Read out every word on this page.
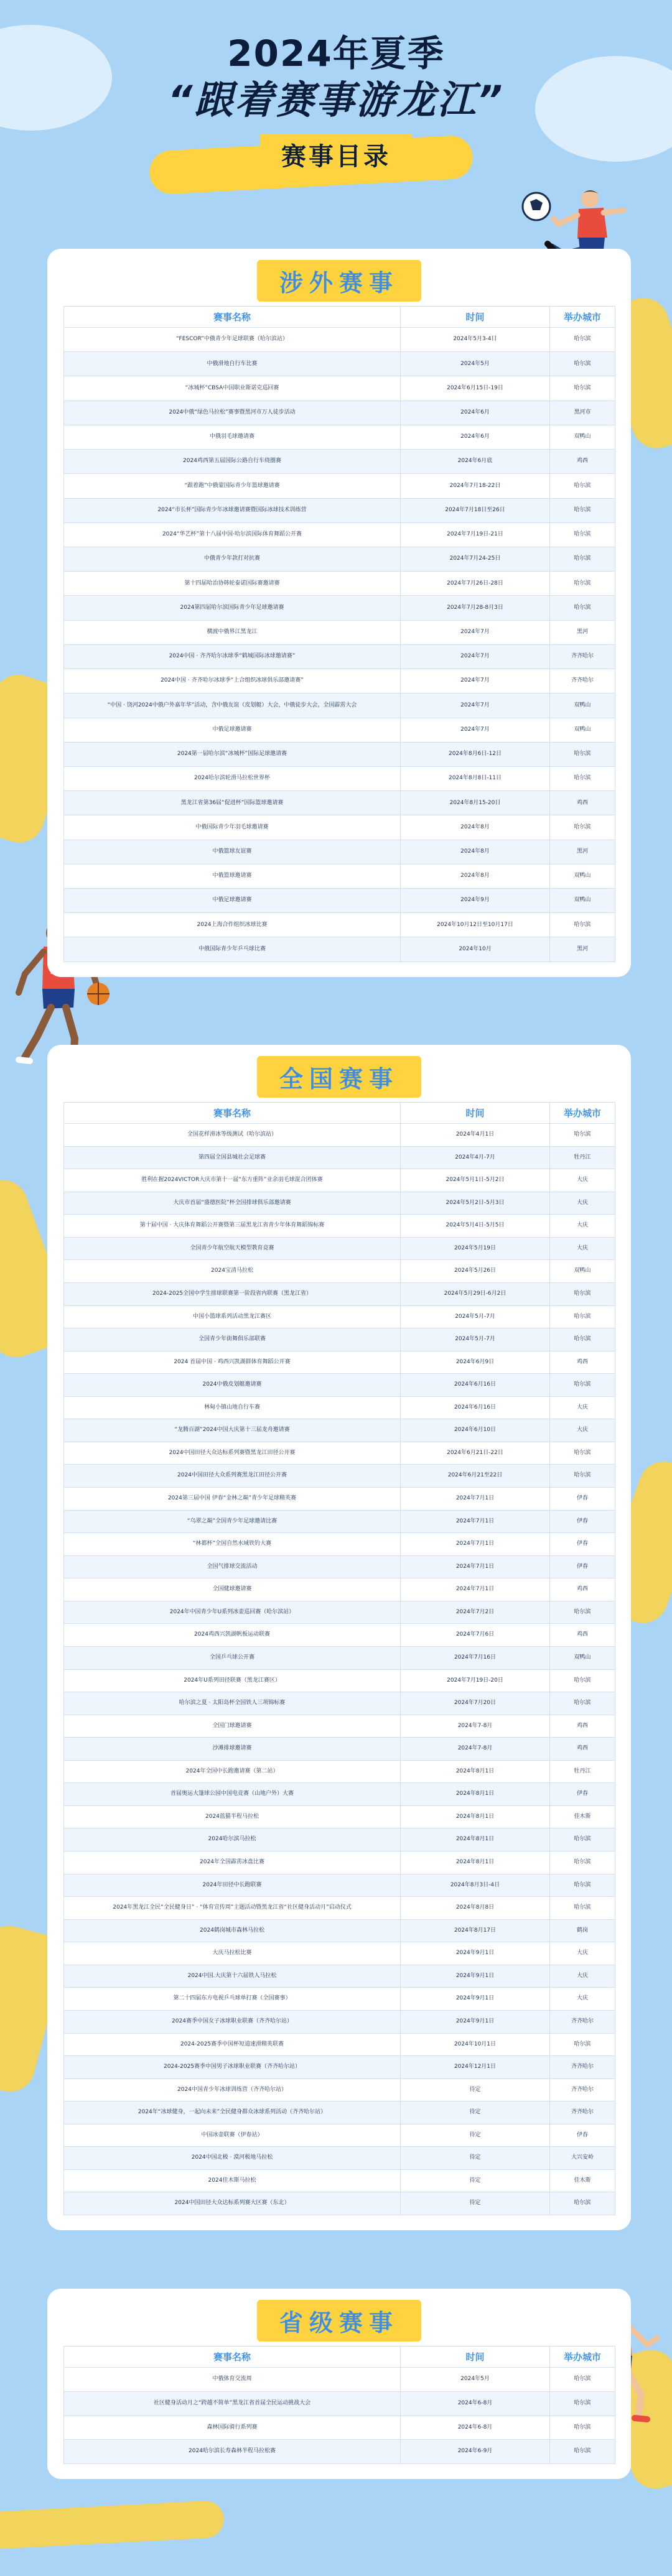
2024年夏季
“跟着赛事游龙江”
赛事目录
涉外赛事
赛事名称	时间	举办城市
“FESCOR”中俄青少年足球联赛（哈尔滨站）	2024年5月3-4日	哈尔滨
中俄滑地自行车比赛	2024年5月	哈尔滨
“冰城杯”CBSA中国职业斯诺克巡回赛	2024年6月15日-19日	哈尔滨
2024中俄“绿色马拉松”赛事暨黑河市万人徒步活动	2024年6月	黑河市
中俄羽毛球邀请赛	2024年6月	双鸭山
2024鸡西第五届国际公路自行车绕圈赛	2024年6月底	鸡西
“跟着跑”中俄蒙国际青少年篮球邀请赛	2024年7月18-22日	哈尔滨
2024“市长杯”国际青少年冰球邀请赛暨国际冰球技术训练营	2024年7月18日至26日	哈尔滨
2024“华艺杯”第十八届中国·哈尔滨国际体育舞蹈公开赛	2024年7月19日-21日	哈尔滨
中俄青少年款打对抗赛	2024年7月24-25日	哈尔滨
第十四届哈治协韩轮泰诺国际赛邀请赛	2024年7月26日-28日	哈尔滨
2024第四届哈尔滨国际青少年足球邀请赛	2024年7月28-8月3日	哈尔滨
横渡中俄界江黑龙江	2024年7月	黑河
2024中国 · 齐齐哈尔冰球季“鹤城国际冰球邀请赛”	2024年7月	齐齐哈尔
2024中国 · 齐齐哈尔冰球季“上合组织冰球俱乐部邀请赛”	2024年7月	齐齐哈尔
“中国 · 饶河2024中俄户外嘉年华”活动，含中俄友谊（皮划艇）大会，中俄徒步大会，全国霹雳大会	2024年7月	双鸭山
中俄足球邀请赛	2024年7月	双鸭山
2024第一届哈尔滨“冰城杯”国际足球邀请赛	2024年8月6日-12日	哈尔滨
2024哈尔滨轮滑马拉松世界杯	2024年8月8日-11日	哈尔滨
黑龙江省第36届“促进杯”国际篮球邀请赛	2024年8月15-20日	鸡西
中俄国际青少年羽毛球邀请赛	2024年8月	哈尔滨
中俄篮球友谊赛	2024年8月	黑河
中俄篮球邀请赛	2024年8月	双鸭山
中俄足球邀请赛	2024年9月	双鸭山
2024上海合作组织冰球比赛	2024年10月12日至10月17日	哈尔滨
中俄国际青少年乒乓球比赛	2024年10月	黑河
全国赛事
赛事名称	时间	举办城市
全国花样滑冰等级测试（哈尔滨站）	2024年4月1日	哈尔滨
第四届全国县城社会足球赛	2024年4月-7月	牡丹江
胜利在握2024VICTOR大庆市第十一届“东方重阵”业余羽毛球混合团体赛	2024年5月1日-5月2日	大庆
大庆市首届“盛德医院”杯全国排球俱乐部邀请赛	2024年5月2日-5月3日	大庆
第十届中国 · 大庆体育舞蹈公开赛暨第三届黑龙江省青少年体育舞蹈锦标赛	2024年5月4日-5月5日	大庆
全国青少年航空航天模型教育竞赛	2024年5月19日	大庆
2024宝清马拉松	2024年5月26日	双鸭山
2024-2025全国中学生排球联赛第一阶段省内联赛（黑龙江省）	2024年5月29日-6月2日	哈尔滨
中国小篮球系列活动黑龙江赛区	2024年5月-7月	哈尔滨
全国青少年街舞俱乐部联赛	2024年5月-7月	哈尔滨
2024 首届中国 · 鸡西兴凯湖群体育舞蹈公开赛	2024年6月9日	鸡西
2024中俄皮划艇邀请赛	2024年6月16日	哈尔滨
林甸小镇山地自行车赛	2024年6月16日	大庆
“龙腾百湖”2024中国大庆第十三届龙舟邀请赛	2024年6月10日	大庆
2024中国田径大众达标系列赛暨黑龙江田径公开赛	2024年6月21日-22日	哈尔滨
2024中国田径大众系列赛黑龙江田径公开赛	2024年6月21至22日	哈尔滨
2024第三届中国 伊春“金林之巅”青少年足球精英赛	2024年7月1日	伊春
“乌翠之巅”全国青少年足球邀请比赛	2024年7月1日	伊春
“林都杯”全国自然水域铁钓大赛	2024年7月1日	伊春
全国气排球交流活动	2024年7月1日	伊春
全国健球邀请赛	2024年7月1日	鸡西
2024年中国青少年U系列冰壶巡回赛（哈尔滨站）	2024年7月2日	哈尔滨
2024鸡西兴凯湖帆板运动联赛	2024年7月6日	鸡西
全国乒乓球公开赛	2024年7月16日	双鸭山
2024年U系列田径联赛（黑龙江赛区）	2024年7月19日-20日	哈尔滨
哈尔滨之夏 · 太阳岛杯全国铁人三项锦标赛	2024年7月20日	哈尔滨
全国门球邀请赛	2024年7-8月	鸡西
沙滩排球邀请赛	2024年7-8月	鸡西
2024年全国中长跑邀请赛（第二站）	2024年8月1日	牡丹江
首届奥运大篷球公园中国电竞赛（山地户外）大赛	2024年8月1日	伊春
2024蓝猫半程马拉松	2024年8月1日	佳木斯
2024哈尔滨马拉松	2024年8月1日	哈尔滨
2024年全国霹雳冰盘比赛	2024年8月1日	哈尔滨
2024年田径中长跑联赛	2024年8月3日-4日	哈尔滨
2024年黑龙江全民“全民健身日” · “体育宣传周”主题活动暨黑龙江省“社区健身活动月”启动仪式	2024年8月8日	哈尔滨
2024鹤岗城市森林马拉松	2024年8月17日	鹤岗
大庆马拉松比赛	2024年9月1日	大庆
2024中国.大庆第十六届铁人马拉松	2024年9月1日	大庆
第二十四届东方电视乒乓球单打赛（全国赛事）	2024年9月1日	大庆
2024赛季中国女子冰球职业联赛（齐齐哈尔站）	2024年9月1日	齐齐哈尔
2024-2025赛季中国杯短道速滑精英联赛	2024年10月1日	哈尔滨
2024-2025赛季中国男子冰球职业联赛（齐齐哈尔站）	2024年12月1日	齐齐哈尔
2024中国青少年冰球训练营（齐齐哈尔站）	待定	齐齐哈尔
2024年“冰球健身，一起向未来”全民健身群众冰球系列活动（齐齐哈尔站）	待定	齐齐哈尔
中国冰壶联赛（伊春站）	待定	伊春
2024中国北极 · 漠河极地马拉松	待定	大兴安岭
2024佳木斯马拉松	待定	佳木斯
2024中国田径大众达标系列赛大区赛（东北）	待定	哈尔滨
省级赛事
赛事名称	时间	举办城市
中俄体育交流周	2024年5月	哈尔滨
社区健身活动月之“跨越不简单”黑龙江省首届全民运动挑战大会	2024年6-8月	哈尔滨
森林国际骑行系列赛	2024年6-8月	哈尔滨
2024哈尔滨长寿森林半程马拉松赛	2024年6-9月	哈尔滨
